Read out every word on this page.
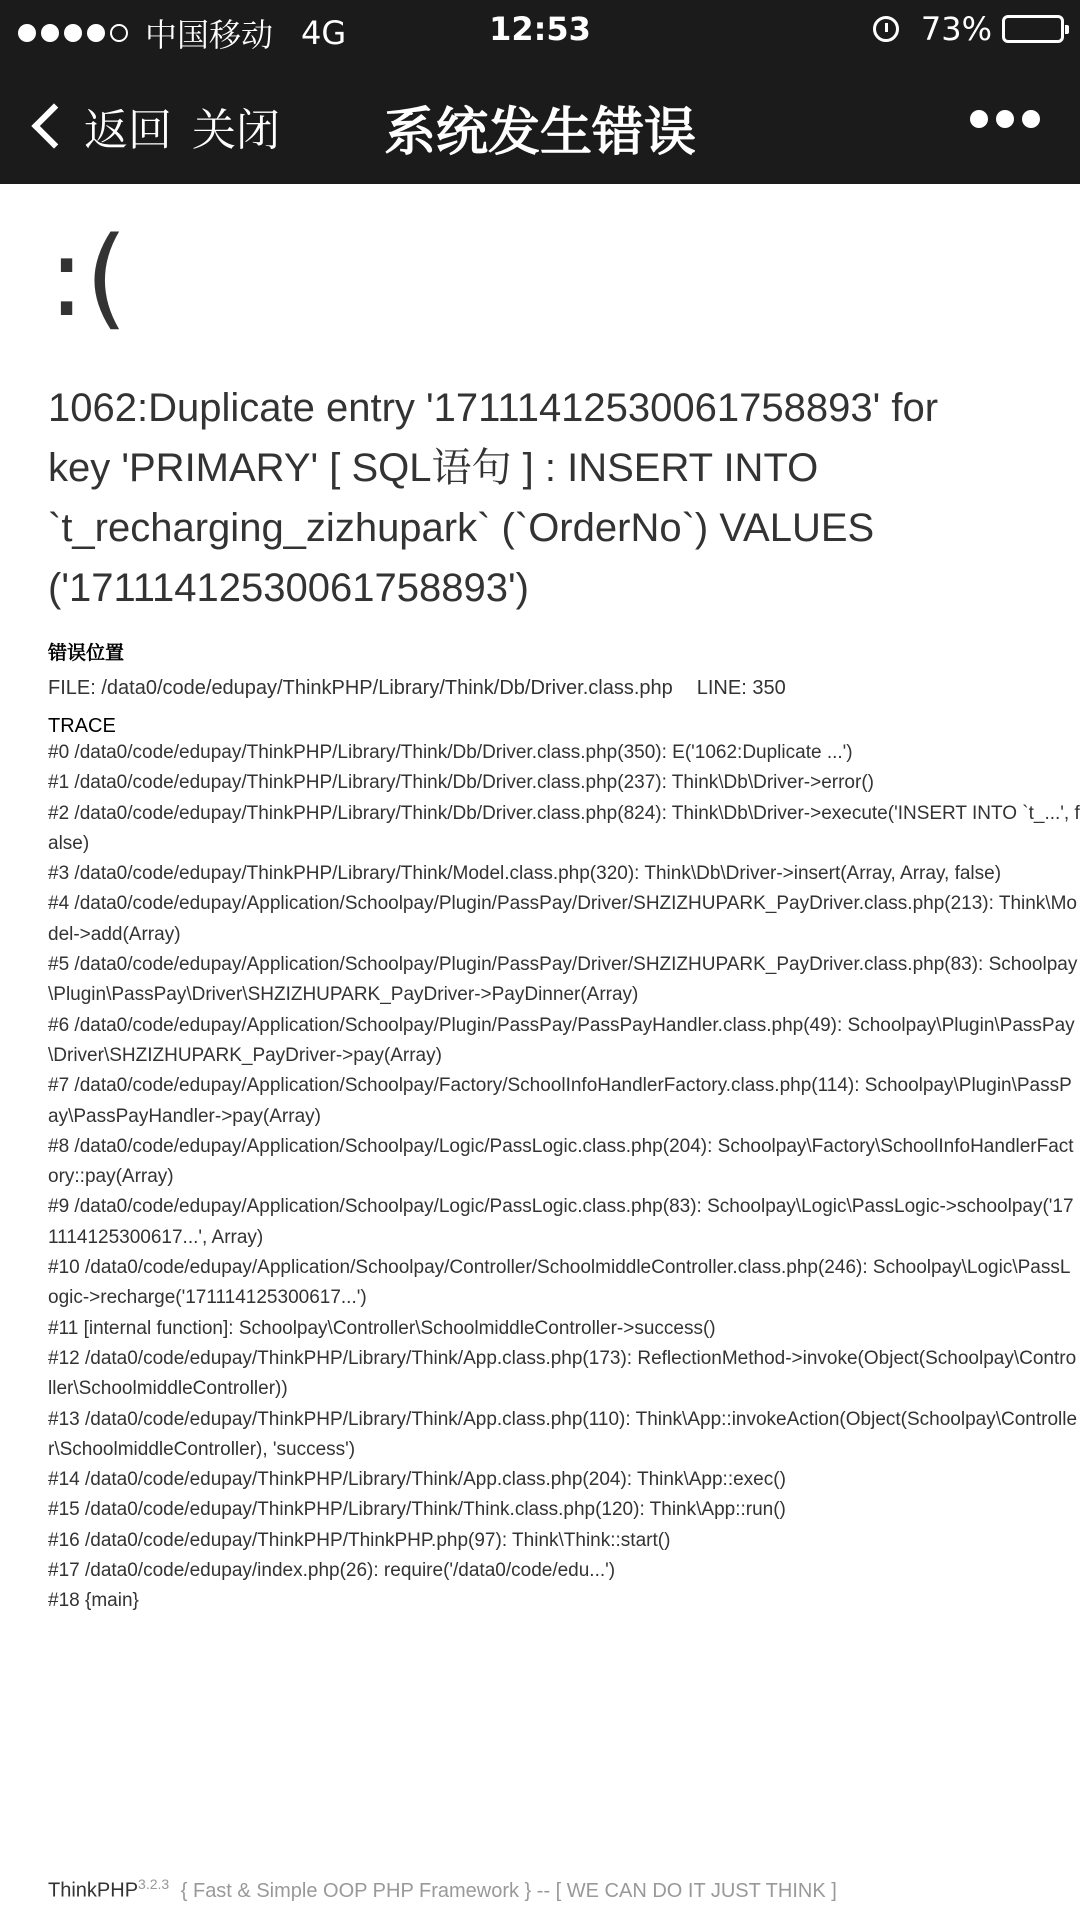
中国移动 4G	12:53	73%
返回 关闭	系统发生错误
:(
1062:Duplicate entry '17111412530061758893' for key 'PRIMARY' [ SQL语句 ] : INSERT INTO `t_recharging_zizhupark` (`OrderNo`) VALUES ('17111412530061758893')
错误位置
FILE: /data0/code/edupay/ThinkPHP/Library/Think/Db/Driver.class.php LINE: 350
TRACE
#0 /data0/code/edupay/ThinkPHP/Library/Think/Db/Driver.class.php(350): E('1062:Duplicate ...')
#1 /data0/code/edupay/ThinkPHP/Library/Think/Db/Driver.class.php(237): Think\Db\Driver->error()
#2 /data0/code/edupay/ThinkPHP/Library/Think/Db/Driver.class.php(824): Think\Db\Driver->execute('INSERT INTO `t_...', false)
#3 /data0/code/edupay/ThinkPHP/Library/Think/Model.class.php(320): Think\Db\Driver->insert(Array, Array, false)
#4 /data0/code/edupay/Application/Schoolpay/Plugin/PassPay/Driver/SHZIZHUPARK_PayDriver.class.php(213): Think\Model->add(Array)
#5 /data0/code/edupay/Application/Schoolpay/Plugin/PassPay/Driver/SHZIZHUPARK_PayDriver.class.php(83): Schoolpay\Plugin\PassPay\Driver\SHZIZHUPARK_PayDriver->PayDinner(Array)
#6 /data0/code/edupay/Application/Schoolpay/Plugin/PassPay/PassPayHandler.class.php(49): Schoolpay\Plugin\PassPay\Driver\SHZIZHUPARK_PayDriver->pay(Array)
#7 /data0/code/edupay/Application/Schoolpay/Factory/SchoolInfoHandlerFactory.class.php(114): Schoolpay\Plugin\PassPay\PassPayHandler->pay(Array)
#8 /data0/code/edupay/Application/Schoolpay/Logic/PassLogic.class.php(204): Schoolpay\Factory\SchoolInfoHandlerFactory::pay(Array)
#9 /data0/code/edupay/Application/Schoolpay/Logic/PassLogic.class.php(83): Schoolpay\Logic\PassLogic->schoolpay('171114125300617...', Array)
#10 /data0/code/edupay/Application/Schoolpay/Controller/SchoolmiddleController.class.php(246): Schoolpay\Logic\PassLogic->recharge('171114125300617...')
#11 [internal function]: Schoolpay\Controller\SchoolmiddleController->success()
#12 /data0/code/edupay/ThinkPHP/Library/Think/App.class.php(173): ReflectionMethod->invoke(Object(Schoolpay\Controller\SchoolmiddleController))
#13 /data0/code/edupay/ThinkPHP/Library/Think/App.class.php(110): Think\App::invokeAction(Object(Schoolpay\Controller\SchoolmiddleController), 'success')
#14 /data0/code/edupay/ThinkPHP/Library/Think/App.class.php(204): Think\App::exec()
#15 /data0/code/edupay/ThinkPHP/Library/Think/Think.class.php(120): Think\App::run()
#16 /data0/code/edupay/ThinkPHP/ThinkPHP.php(97): Think\Think::start()
#17 /data0/code/edupay/index.php(26): require('/data0/code/edu...')
#18 {main}
ThinkPHP$^{3.2.3}$ { Fast & Simple OOP PHP Framework } -- [ WE CAN DO IT JUST THINK ]
